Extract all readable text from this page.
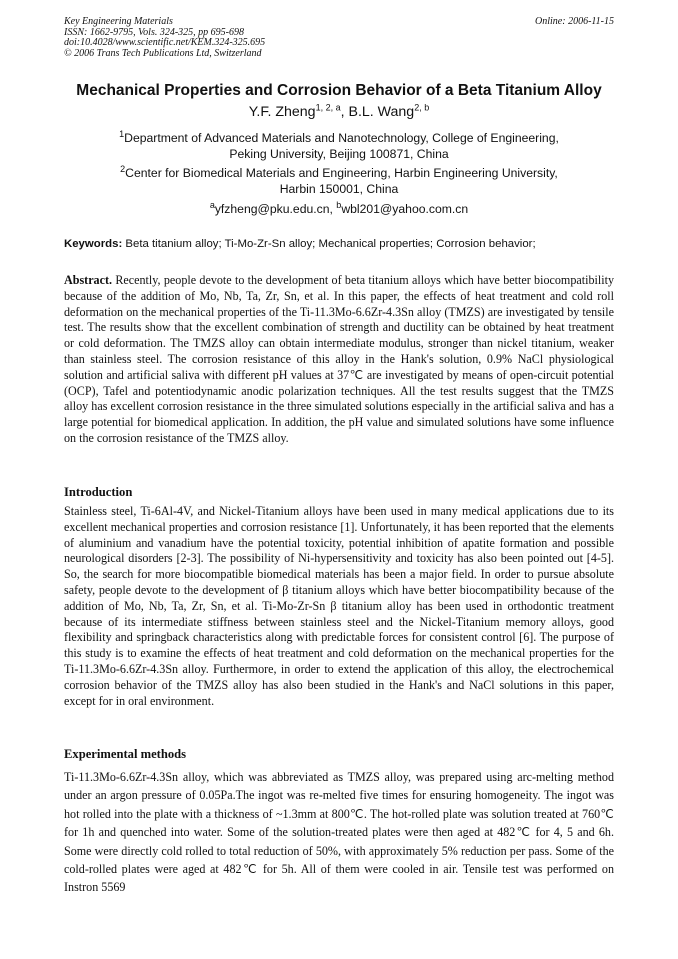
Key Engineering Materials
ISSN: 1662-9795, Vols. 324-325, pp 695-698
doi:10.4028/www.scientific.net/KEM.324-325.695
© 2006 Trans Tech Publications Ltd, Switzerland
Online: 2006-11-15
Mechanical Properties and Corrosion Behavior of a Beta Titanium Alloy
Y.F. Zheng$^{1, 2, a}$, B.L. Wang$^{2, b}$
$^1$Department of Advanced Materials and Nanotechnology, College of Engineering,
Peking University, Beijing 100871, China
$^2$Center for Biomedical Materials and Engineering, Harbin Engineering University,
Harbin 150001, China
$^a$yfzheng@pku.edu.cn, $^b$wbl201@yahoo.com.cn
Keywords: Beta titanium alloy; Ti-Mo-Zr-Sn alloy; Mechanical properties; Corrosion behavior;
Abstract. Recently, people devote to the development of beta titanium alloys which have better biocompatibility because of the addition of Mo, Nb, Ta, Zr, Sn, et al. In this paper, the effects of heat treatment and cold roll deformation on the mechanical properties of the Ti-11.3Mo-6.6Zr-4.3Sn alloy (TMZS) are investigated by tensile test. The results show that the excellent combination of strength and ductility can be obtained by heat treatment or cold deformation. The TMZS alloy can obtain intermediate modulus, stronger than nickel titanium, weaker than stainless steel. The corrosion resistance of this alloy in the Hank's solution, 0.9% NaCl physiological solution and artificial saliva with different pH values at 37℃ are investigated by means of open-circuit potential (OCP), Tafel and potentiodynamic anodic polarization techniques. All the test results suggest that the TMZS alloy has excellent corrosion resistance in the three simulated solutions especially in the artificial saliva and has a large potential for biomedical application. In addition, the pH value and simulated solutions have some influence on the corrosion resistance of the TMZS alloy.
Introduction
Stainless steel, Ti-6Al-4V, and Nickel-Titanium alloys have been used in many medical applications due to its excellent mechanical properties and corrosion resistance [1]. Unfortunately, it has been reported that the elements of aluminium and vanadium have the potential toxicity, potential inhibition of apatite formation and possible neurological disorders [2-3]. The possibility of Ni-hypersensitivity and toxicity has also been pointed out [4-5]. So, the search for more biocompatible biomedical materials has been a major field. In order to pursue absolute safety, people devote to the development of β titanium alloys which have better biocompatibility because of the addition of Mo, Nb, Ta, Zr, Sn, et al. Ti-Mo-Zr-Sn β titanium alloy has been used in orthodontic treatment because of its intermediate stiffness between stainless steel and the Nickel-Titanium memory alloys, good flexibility and springback characteristics along with predictable forces for consistent control [6]. The purpose of this study is to examine the effects of heat treatment and cold deformation on the mechanical properties for the Ti-11.3Mo-6.6Zr-4.3Sn alloy. Furthermore, in order to extend the application of this alloy, the electrochemical corrosion behavior of the TMZS alloy has also been studied in the Hank's and NaCl solutions in this paper, except for in oral environment.
Experimental methods
Ti-11.3Mo-6.6Zr-4.3Sn alloy, which was abbreviated as TMZS alloy, was prepared using arc-melting method under an argon pressure of 0.05Pa.The ingot was re-melted five times for ensuring homogeneity. The ingot was hot rolled into the plate with a thickness of ~1.3mm at 800℃. The hot-rolled plate was solution treated at 760℃ for 1h and quenched into water. Some of the solution-treated plates were then aged at 482℃ for 4, 5 and 6h. Some were directly cold rolled to total reduction of 50%, with approximately 5% reduction per pass. Some of the cold-rolled plates were aged at 482℃ for 5h. All of them were cooled in air. Tensile test was performed on Instron 5569
